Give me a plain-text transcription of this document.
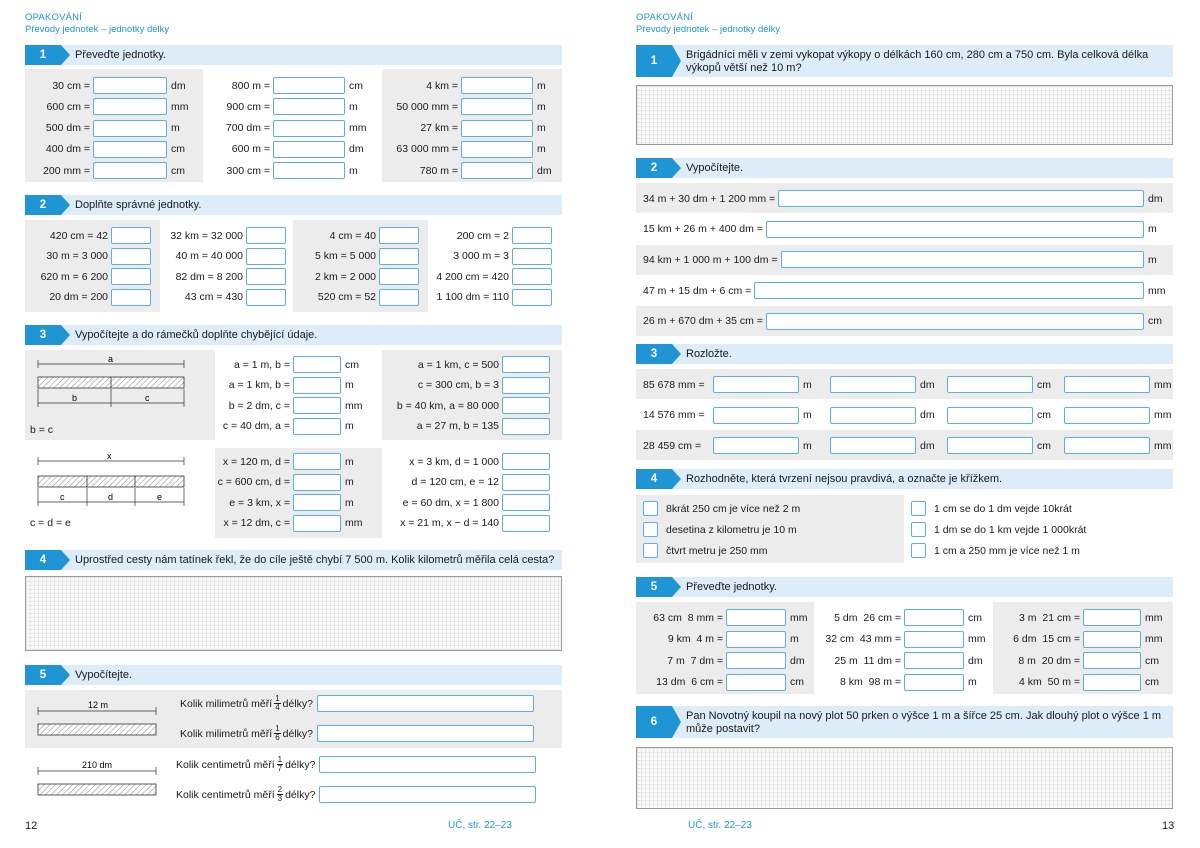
OPAKOVÁNÍ
Převody jednotek – jednotky délky
1	Převeďte jednotky.
30 cm =	dm
600 cm =	mm
500 dm =	m
400 dm =	cm
200 mm =	cm
800 m =	cm
900 cm =	m
700 dm =	mm
600 m =	dm
300 cm =	m
4 km =	m
50 000 mm =	m
27 km =	m
63 000 mm =	m
780 m =	dm
2	Doplňte správné jednotky.
420 cm = 42
30 m = 3 000
620 m = 6 200
20 dm = 200
32 km = 32 000
40 m = 40 000
82 dm = 8 200
43 cm = 430
4 cm = 40
5 km = 5 000
2 km = 2 000
520 cm = 52
200 cm = 2
3 000 m = 3
4 200 cm = 420
1 100 dm = 110
3	Vypočítejte a do rámečků doplňte chybějící údaje.
a
b	c
b = c
x
c	d	e
c = d = e
a = 1 m, b =	cm
a = 1 km, b =	m
b = 2 dm, c =	mm
c = 40 dm, a =	m
a = 1 km, c = 500
c = 300 cm, b = 3
b = 40 km, a = 80 000
a = 27 m, b = 135
x = 120 m, d =	m
c = 600 cm, d =	m
e = 3 km, x =	m
x = 12 dm, c =	mm
x = 3 km, d = 1 000
d = 120 cm, e = 12
e = 60 dm, x = 1 800
x = 21 m, x − d = 140
4	Uprostřed cesty nám tatínek řekl, že do cíle ještě chybí 7 500 m. Kolik kilometrů měřila celá cesta?
5	Vypočítejte.
12 m
210 dm
Kolik milimetrů měří $\frac{1}{4}$ délky?
Kolik milimetrů měří $\frac{1}{6}$ délky?
Kolik centimetrů měří $\frac{1}{7}$ délky?
Kolik centimetrů měří $\frac{2}{3}$ délky?
12	UČ, str. 22–23
OPAKOVÁNÍ
Převody jednotek – jednotky délky
1	Brigádníci měli v zemi vykopat výkopy o délkách 160 cm, 280 cm a 750 cm. Byla celková délka výkopů větší než 10 m?
2	Vypočítejte.
34 m + 30 dm + 1 200 mm =	dm
15 km + 26 m + 400 dm =	m
94 km + 1 000 m + 100 dm =	m
47 m + 15 dm + 6 cm =	mm
26 m + 670 dm + 35 cm =	cm
3	Rozložte.
85 678 mm =	m	dm	cm	mm
14 576 mm =	m	dm	cm	mm
28 459 cm =	m	dm	cm	mm
4	Rozhodněte, která tvrzení nejsou pravdivá, a označte je křížkem.
8krát 250 cm je více než 2 m
desetina z kilometru je 10 m
čtvrt metru je 250 mm
1 cm se do 1 dm vejde 10krát
1 dm se do 1 km vejde 1 000krát
1 cm a 250 mm je více než 1 m
5	Převeďte jednotky.
63 cm  8 mm =	mm
9 km  4 m =	m
7 m  7 dm =	dm
13 dm  6 cm =	cm
5 dm  26 cm =	cm
32 cm  43 mm =	mm
25 m  11 dm =	dm
8 km  98 m =	m
3 m  21 cm =	mm
6 dm  15 cm =	mm
8 m  20 dm =	cm
4 km  50 m =	cm
6	Pan Novotný koupil na nový plot 50 prken o výšce 1 m a šířce 25 cm. Jak dlouhý plot o výšce 1 m může postavit?
UČ, str. 22–23	13
